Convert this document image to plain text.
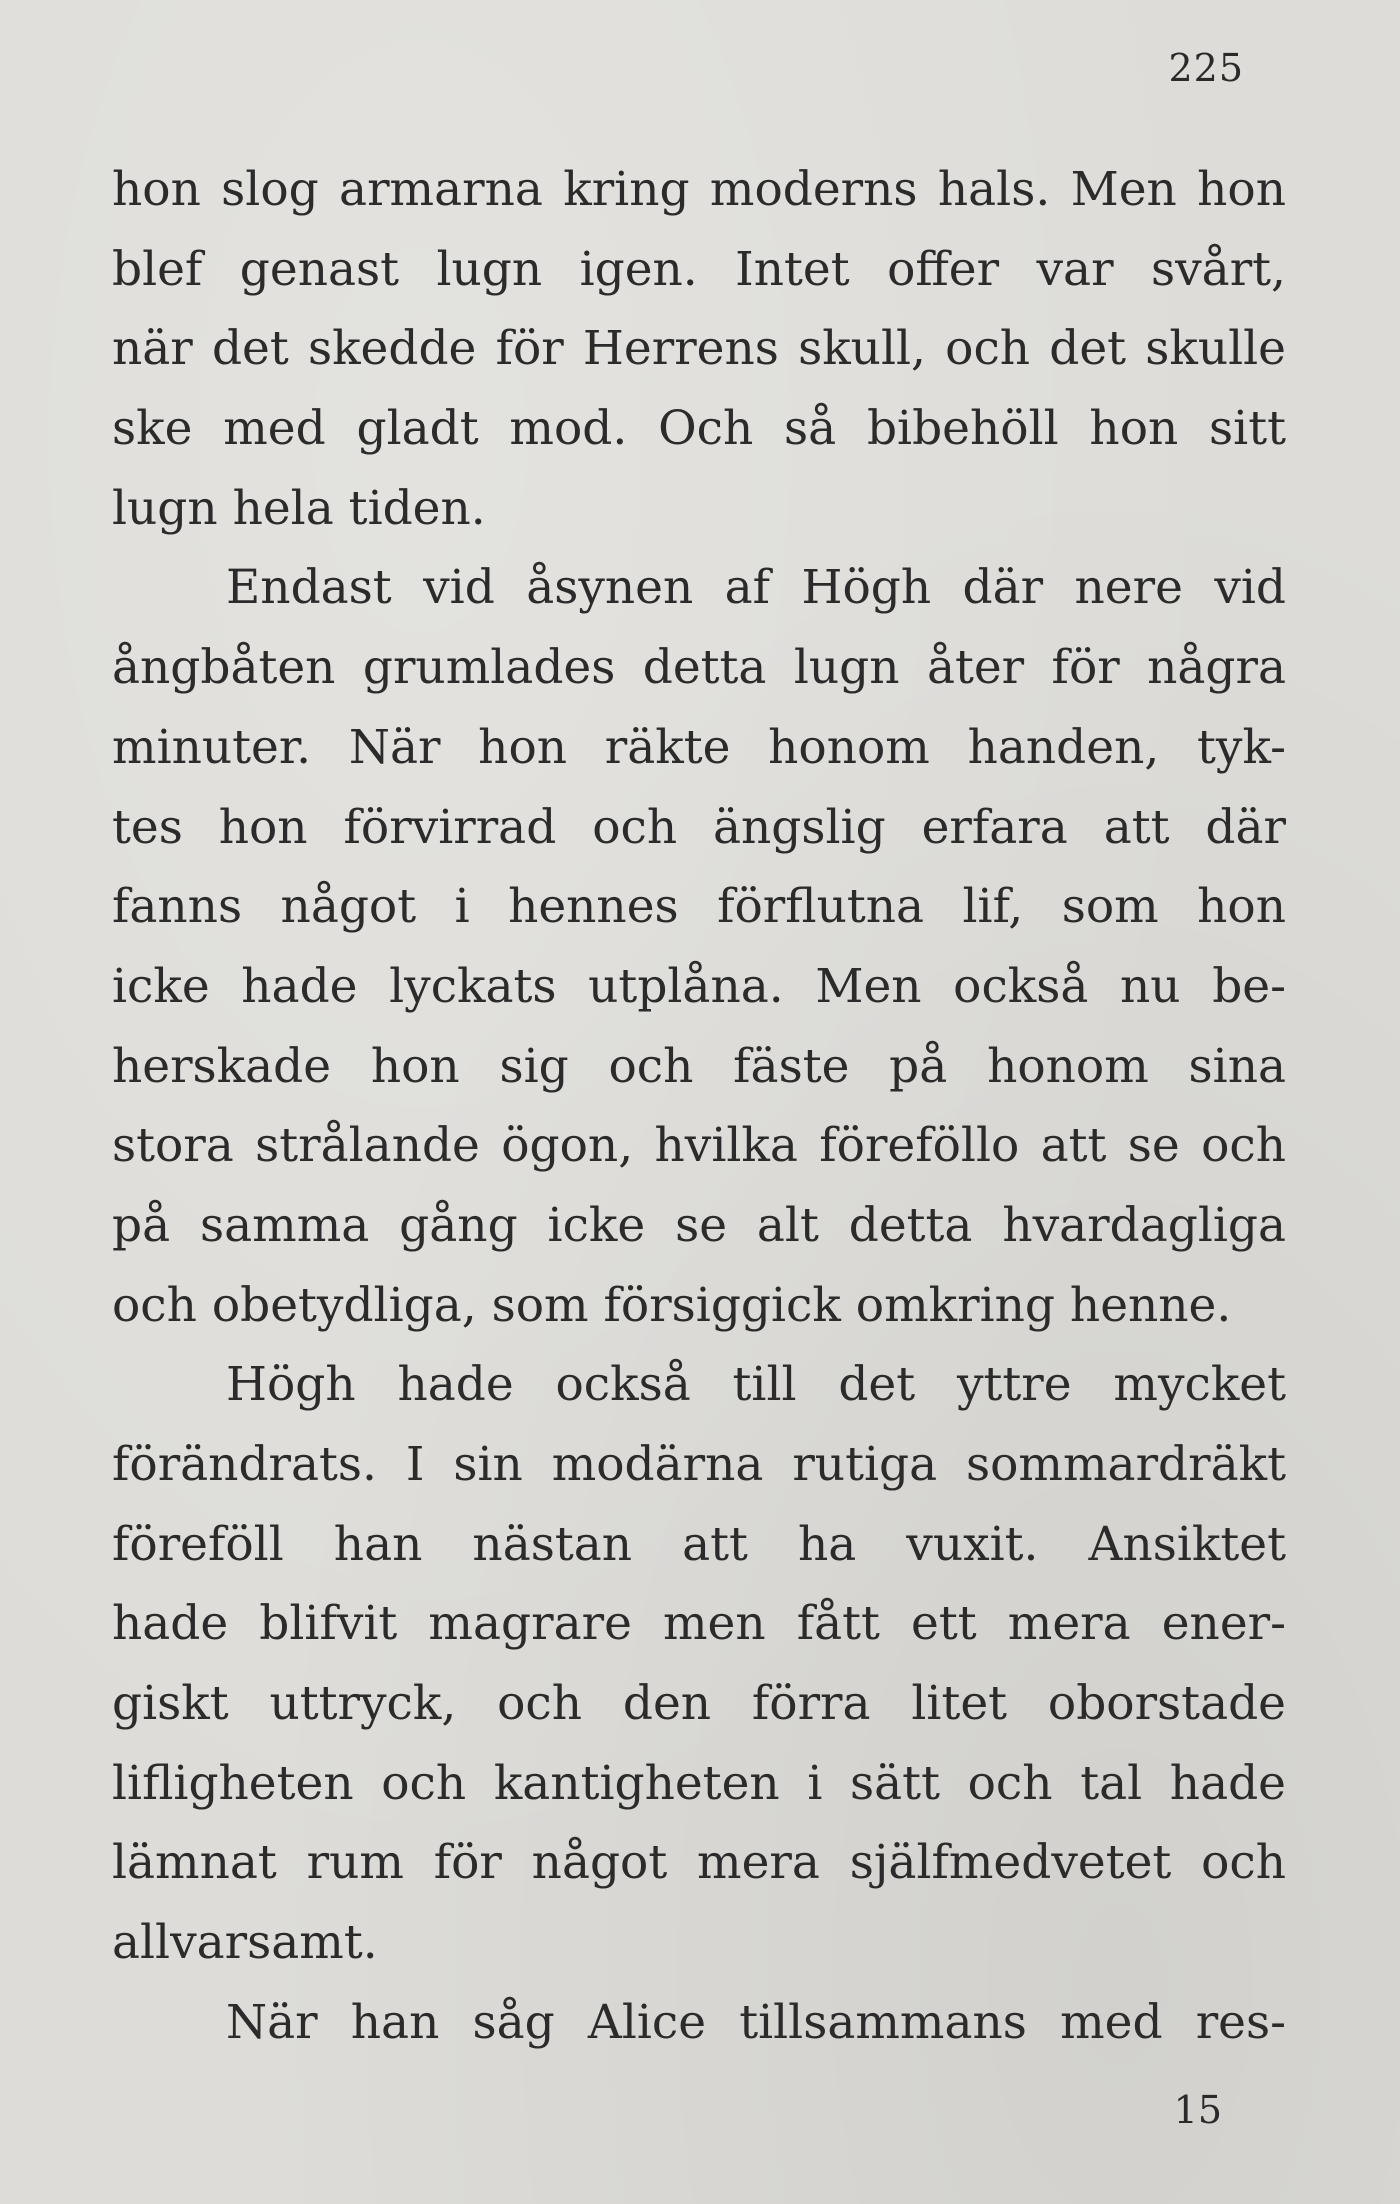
225
hon slog armarna kring moderns hals. Men hon
blef genast lugn igen. Intet offer var svårt,
när det skedde för Herrens skull, och det skulle
ske med gladt mod. Och så bibehöll hon sitt
lugn hela tiden.
Endast vid åsynen af Högh där nere vid
ångbåten grumlades detta lugn åter för några
minuter. När hon räkte honom handen, tyk-
tes hon förvirrad och ängslig erfara att där
fanns något i hennes förflutna lif, som hon
icke hade lyckats utplåna. Men också nu be-
herskade hon sig och fäste på honom sina
stora strålande ögon, hvilka föreföllo att se och
på samma gång icke se alt detta hvardagliga
och obetydliga, som försiggick omkring henne.
Högh hade också till det yttre mycket
förändrats. I sin modärna rutiga sommardräkt
föreföll han nästan att ha vuxit. Ansiktet
hade blifvit magrare men fått ett mera ener-
giskt uttryck, och den förra litet oborstade
lifligheten och kantigheten i sätt och tal hade
lämnat rum för något mera själfmedvetet och
allvarsamt.
När han såg Alice tillsammans med res-
15
